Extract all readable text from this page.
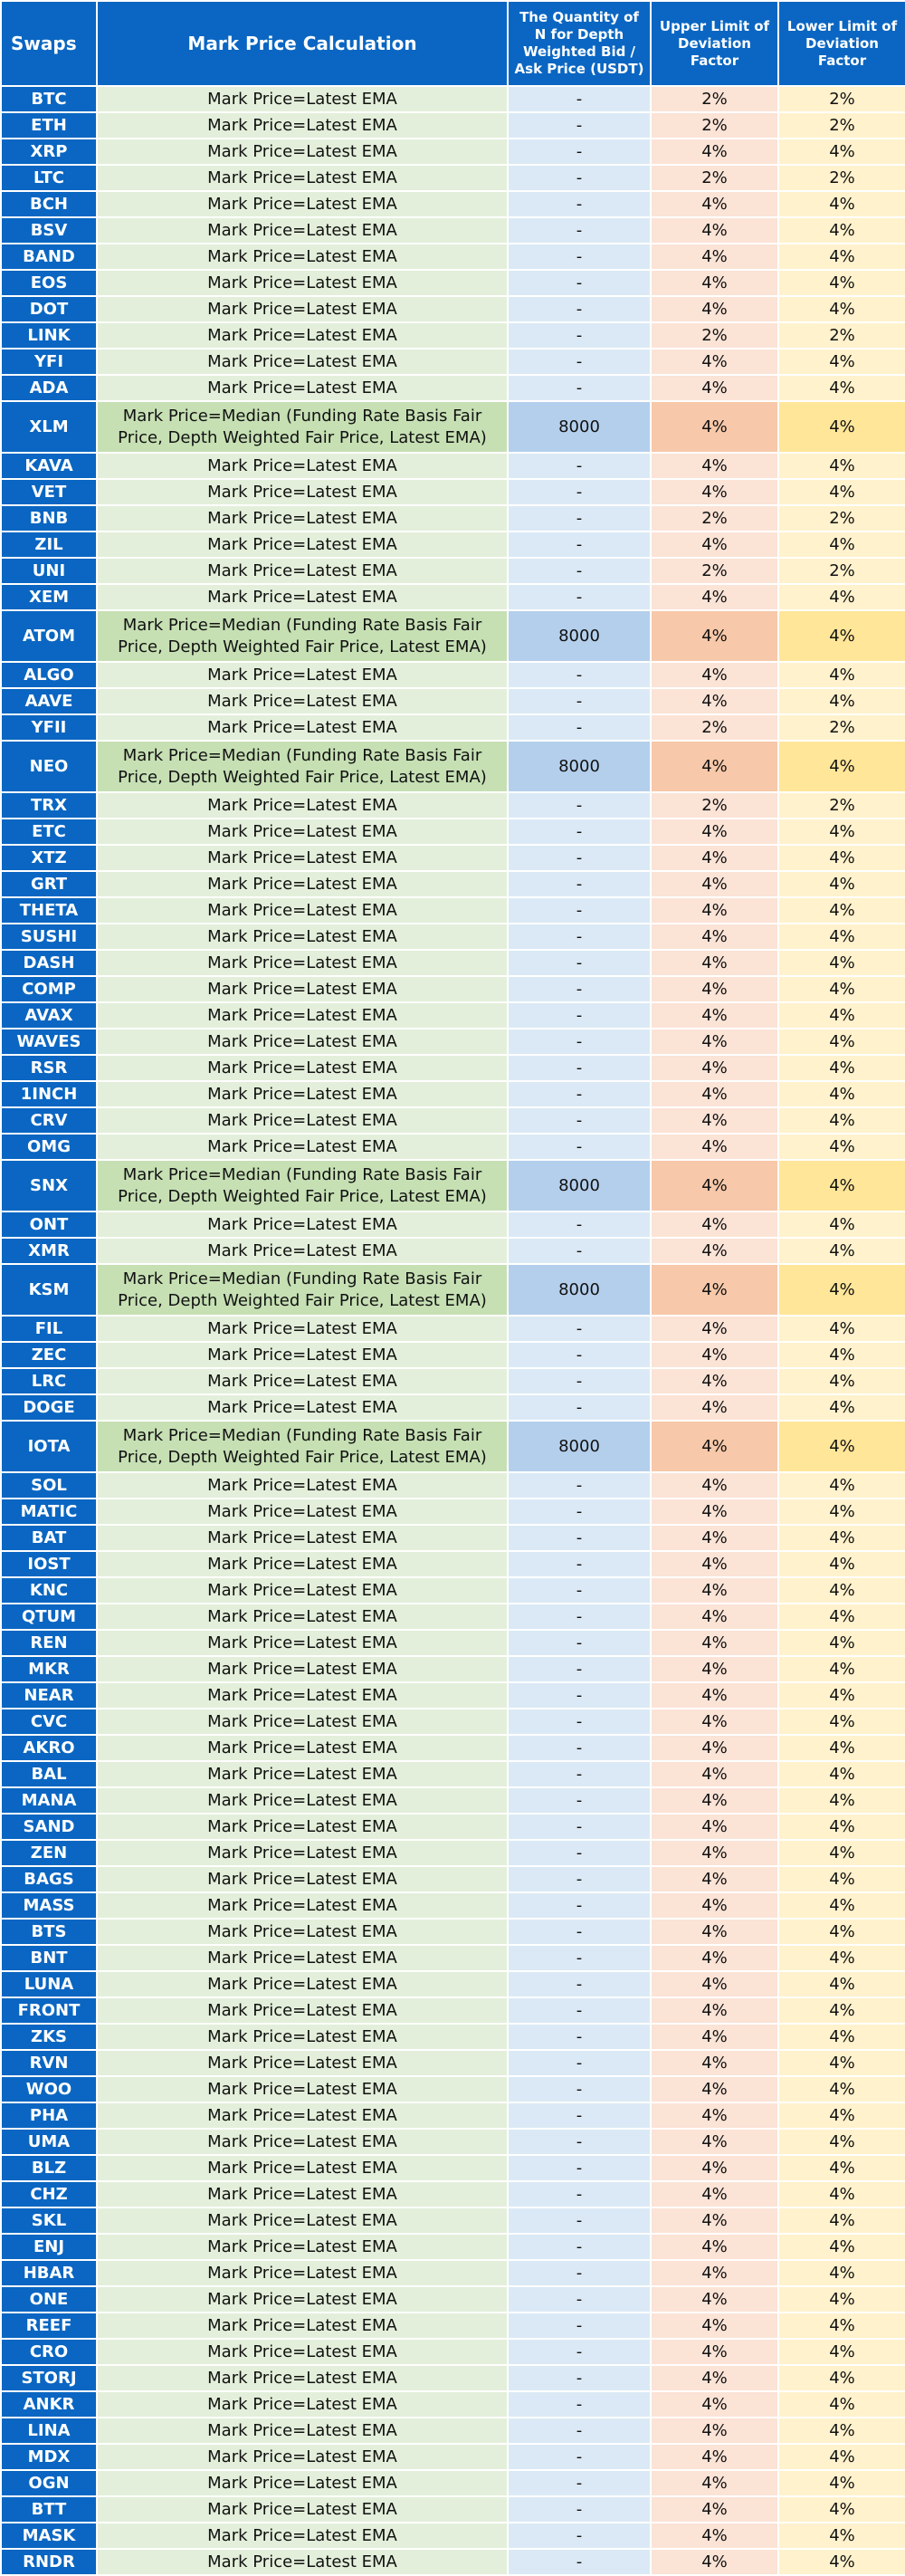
Swaps	Mark Price Calculation	The Quantity of N for Depth Weighted Bid / Ask Price (USDT)	Upper Limit of Deviation Factor	Lower Limit of Deviation Factor
BTC	Mark Price=Latest EMA	-	2%	2%
ETH	Mark Price=Latest EMA	-	2%	2%
XRP	Mark Price=Latest EMA	-	4%	4%
LTC	Mark Price=Latest EMA	-	2%	2%
BCH	Mark Price=Latest EMA	-	4%	4%
BSV	Mark Price=Latest EMA	-	4%	4%
BAND	Mark Price=Latest EMA	-	4%	4%
EOS	Mark Price=Latest EMA	-	4%	4%
DOT	Mark Price=Latest EMA	-	4%	4%
LINK	Mark Price=Latest EMA	-	2%	2%
YFI	Mark Price=Latest EMA	-	4%	4%
ADA	Mark Price=Latest EMA	-	4%	4%
XLM	Mark Price=Median (Funding Rate Basis Fair Price, Depth Weighted Fair Price, Latest EMA)	8000	4%	4%
KAVA	Mark Price=Latest EMA	-	4%	4%
VET	Mark Price=Latest EMA	-	4%	4%
BNB	Mark Price=Latest EMA	-	2%	2%
ZIL	Mark Price=Latest EMA	-	4%	4%
UNI	Mark Price=Latest EMA	-	2%	2%
XEM	Mark Price=Latest EMA	-	4%	4%
ATOM	Mark Price=Median (Funding Rate Basis Fair Price, Depth Weighted Fair Price, Latest EMA)	8000	4%	4%
ALGO	Mark Price=Latest EMA	-	4%	4%
AAVE	Mark Price=Latest EMA	-	4%	4%
YFII	Mark Price=Latest EMA	-	2%	2%
NEO	Mark Price=Median (Funding Rate Basis Fair Price, Depth Weighted Fair Price, Latest EMA)	8000	4%	4%
TRX	Mark Price=Latest EMA	-	2%	2%
ETC	Mark Price=Latest EMA	-	4%	4%
XTZ	Mark Price=Latest EMA	-	4%	4%
GRT	Mark Price=Latest EMA	-	4%	4%
THETA	Mark Price=Latest EMA	-	4%	4%
SUSHI	Mark Price=Latest EMA	-	4%	4%
DASH	Mark Price=Latest EMA	-	4%	4%
COMP	Mark Price=Latest EMA	-	4%	4%
AVAX	Mark Price=Latest EMA	-	4%	4%
WAVES	Mark Price=Latest EMA	-	4%	4%
RSR	Mark Price=Latest EMA	-	4%	4%
1INCH	Mark Price=Latest EMA	-	4%	4%
CRV	Mark Price=Latest EMA	-	4%	4%
OMG	Mark Price=Latest EMA	-	4%	4%
SNX	Mark Price=Median (Funding Rate Basis Fair Price, Depth Weighted Fair Price, Latest EMA)	8000	4%	4%
ONT	Mark Price=Latest EMA	-	4%	4%
XMR	Mark Price=Latest EMA	-	4%	4%
KSM	Mark Price=Median (Funding Rate Basis Fair Price, Depth Weighted Fair Price, Latest EMA)	8000	4%	4%
FIL	Mark Price=Latest EMA	-	4%	4%
ZEC	Mark Price=Latest EMA	-	4%	4%
LRC	Mark Price=Latest EMA	-	4%	4%
DOGE	Mark Price=Latest EMA	-	4%	4%
IOTA	Mark Price=Median (Funding Rate Basis Fair Price, Depth Weighted Fair Price, Latest EMA)	8000	4%	4%
SOL	Mark Price=Latest EMA	-	4%	4%
MATIC	Mark Price=Latest EMA	-	4%	4%
BAT	Mark Price=Latest EMA	-	4%	4%
IOST	Mark Price=Latest EMA	-	4%	4%
KNC	Mark Price=Latest EMA	-	4%	4%
QTUM	Mark Price=Latest EMA	-	4%	4%
REN	Mark Price=Latest EMA	-	4%	4%
MKR	Mark Price=Latest EMA	-	4%	4%
NEAR	Mark Price=Latest EMA	-	4%	4%
CVC	Mark Price=Latest EMA	-	4%	4%
AKRO	Mark Price=Latest EMA	-	4%	4%
BAL	Mark Price=Latest EMA	-	4%	4%
MANA	Mark Price=Latest EMA	-	4%	4%
SAND	Mark Price=Latest EMA	-	4%	4%
ZEN	Mark Price=Latest EMA	-	4%	4%
BAGS	Mark Price=Latest EMA	-	4%	4%
MASS	Mark Price=Latest EMA	-	4%	4%
BTS	Mark Price=Latest EMA	-	4%	4%
BNT	Mark Price=Latest EMA	-	4%	4%
LUNA	Mark Price=Latest EMA	-	4%	4%
FRONT	Mark Price=Latest EMA	-	4%	4%
ZKS	Mark Price=Latest EMA	-	4%	4%
RVN	Mark Price=Latest EMA	-	4%	4%
WOO	Mark Price=Latest EMA	-	4%	4%
PHA	Mark Price=Latest EMA	-	4%	4%
UMA	Mark Price=Latest EMA	-	4%	4%
BLZ	Mark Price=Latest EMA	-	4%	4%
CHZ	Mark Price=Latest EMA	-	4%	4%
SKL	Mark Price=Latest EMA	-	4%	4%
ENJ	Mark Price=Latest EMA	-	4%	4%
HBAR	Mark Price=Latest EMA	-	4%	4%
ONE	Mark Price=Latest EMA	-	4%	4%
REEF	Mark Price=Latest EMA	-	4%	4%
CRO	Mark Price=Latest EMA	-	4%	4%
STORJ	Mark Price=Latest EMA	-	4%	4%
ANKR	Mark Price=Latest EMA	-	4%	4%
LINA	Mark Price=Latest EMA	-	4%	4%
MDX	Mark Price=Latest EMA	-	4%	4%
OGN	Mark Price=Latest EMA	-	4%	4%
BTT	Mark Price=Latest EMA	-	4%	4%
MASK	Mark Price=Latest EMA	-	4%	4%
RNDR	Mark Price=Latest EMA	-	4%	4%
